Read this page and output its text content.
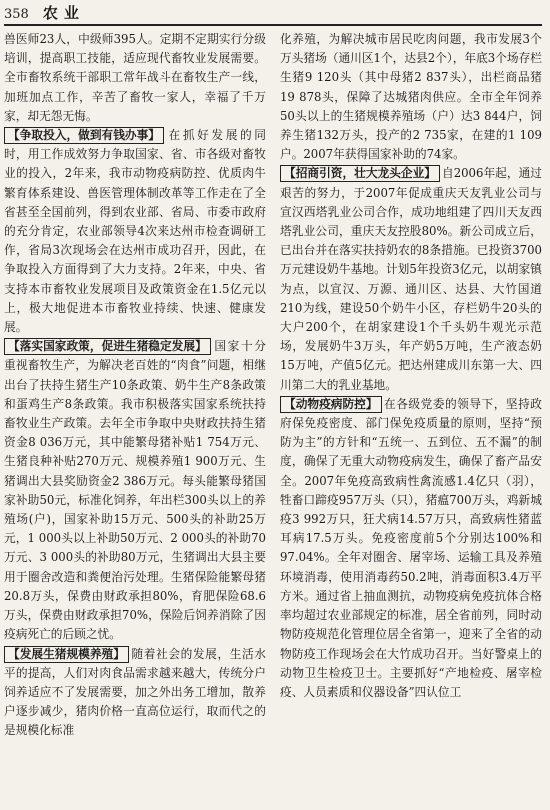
358 农业

兽医师23人，中级师395人。定期不定期实行分级培训，提高职工技能，适应现代畜牧业发展需要。全市畜牧系统干部职工常年战斗在畜牧生产一线，加班加点工作，辛苦了畜牧一家人，幸福了千万家，却无怨无悔。

【争取投入，做到有钱办事】 在抓好发展的同时，用工作成效努力争取国家、省、市各级对畜牧业的投入，2年来，我市动物疫病防控、优质肉牛繁育体系建设、兽医管理体制改革等工作走在了全省甚至全国前列，得到农业部、省局、市委市政府的充分肯定，农业部领导4次来达州市检查调研工作，省局3次现场会在达州市成功召开，因此，在争取投入方面得到了大力支持。2年来，中央、省支持本市畜牧业发展项目及政策资金在1.5亿元以上，极大地促进本市畜牧业持续、快速、健康发展。

【落实国家政策，促进生猪稳定发展】 国家十分重视畜牧生产，为解决老百姓的“肉食”问题，相继出台了扶持生猪生产10条政策、奶牛生产8条政策和蛋鸡生产8条政策。我市积极落实国家系统扶持畜牧业生产政策。去年全市争取中央财政扶持生猪资金8 036万元，其中能繁母猪补贴1 754万元、生猪良种补贴270万元、规模养殖1 900万元、生猪调出大县奖励资金2 386万元。每头能繁母猪国家补助50元，标准化饲养，年出栏300头以上的养殖场(户)，国家补助15万元、500头的补助25万元，1 000头以上补助50万元、2 000头的补助70万元、3 000头的补助80万元，生猪调出大县主要用于圈舍改造和粪便治污处理。生猪保险能繁母猪20.8万头，保费由财政承担80%，育肥保险68.6万头，保费由财政承担70%，保险后饲养消除了因疫病死亡的后顾之忧。

【发展生猪规模养殖】 随着社会的发展，生活水平的提高，人们对肉食品需求越来越大，传统分户饲养适应不了发展需要，加之外出务工增加，散养户逐步减少，猪肉价格一直高位运行，取而代之的是规模化标准

化养殖，为解决城市居民吃肉问题，我市发展3个万头猪场（通川区1个，达县2个），年底3个场存栏生猪9 120头（其中母猪2 837头），出栏商品猪19 878头，保障了达城猪肉供应。全市全年饲养50头以上的生猪规模养殖场（户）达3 844户，饲养生猪132万头，投产的2 735家，在建的1 109户。2007年获得国家补助的74家。

【招商引资，壮大龙头企业】 自2006年起，通过艰苦的努力，于2007年促成重庆天友乳业公司与宣汉西塔乳业公司合作，成功地组建了四川天友西塔乳业公司，重庆天友控股80%。新公司成立后，已出台并在落实扶持奶农的8条措施。已投资3700万元建设奶牛基地。计划5年投资3亿元，以胡家镇为点，以宣汉、万源、通川区、达县、大竹国道210为线，建设50个奶牛小区，存栏奶牛20头的大户200个，在胡家建设1个千头奶牛观光示范场，发展奶牛3万头，年产奶5万吨，生产液态奶15万吨，产值5亿元。把达州建成川东第一大、四川第二大的乳业基地。

【动物疫病防控】 在各级党委的领导下，坚持政府保免疫密度、部门保免疫质量的原则，坚持“预防为主”的方针和“五统一、五到位、五不漏”的制度，确保了无重大动物疫病发生，确保了畜产品安全。2007年免疫高致病性禽流感1.4亿只（羽），牲畜口蹄疫957万头（只），猪瘟700万头，鸡新城疫3 992万只，狂犬病14.57万只，高致病性猪蓝耳病17.5万头。免疫密度前5个分别达100%和97.04%。全年对圈舍、屠宰场、运输工具及养殖环境消毒，使用消毒药50.2吨，消毒面积3.4万平方米。通过省上抽血测抗，动物疫病免疫抗体合格率均超过农业部规定的标准，居全省前列，同时动物防疫规范化管理位居全省第一，迎来了全省的动物防疫工作现场会在大竹成功召开。当好警桌上的动物卫生检疫卫士。主要抓好“产地检疫、屠宰检疫、人员素质和仪器设备”四认位工
